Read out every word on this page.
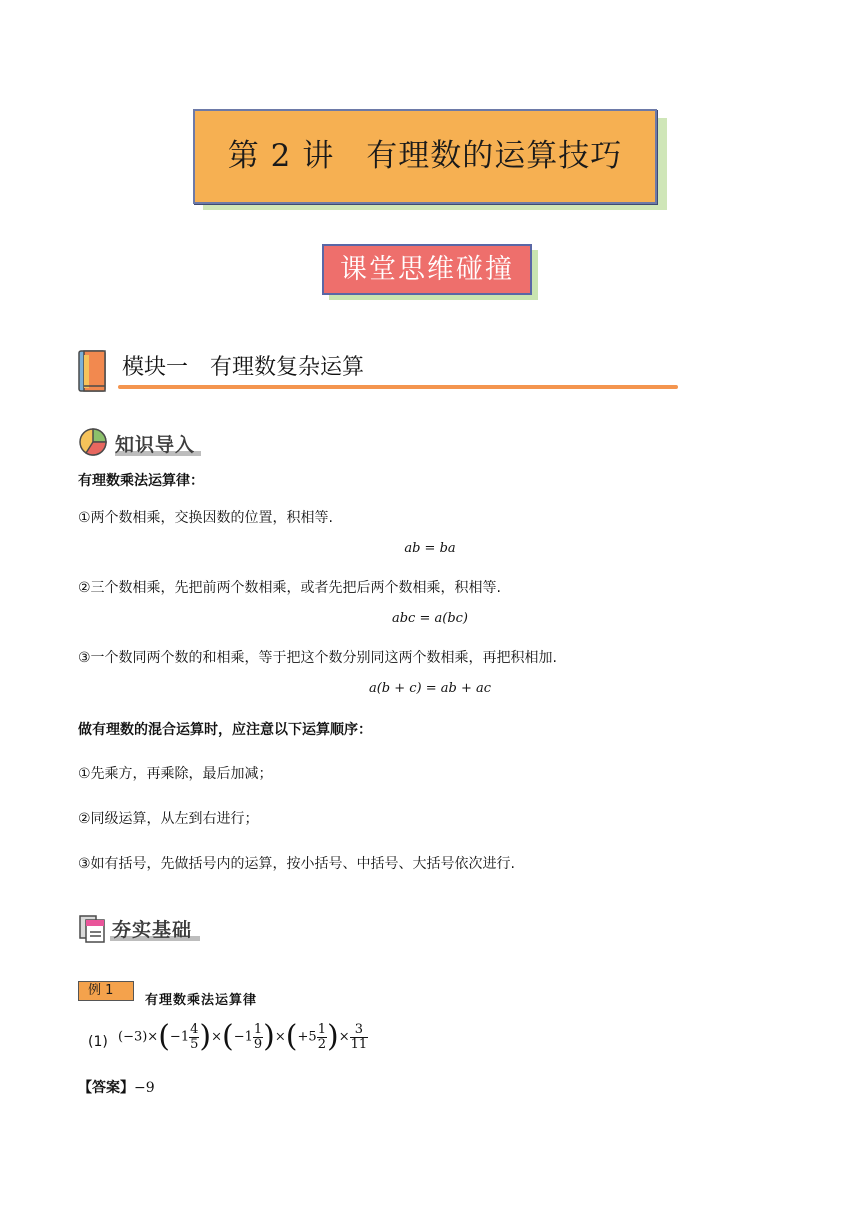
第 2 讲　有理数的运算技巧
课堂思维碰撞
模块一　有理数复杂运算
知识导入
有理数乘法运算律：
①两个数相乘，交换因数的位置，积相等.
ab = ba
②三个数相乘，先把前两个数相乘，或者先把后两个数相乘，积相等.
abc = a(bc)
③一个数同两个数的和相乘，等于把这个数分别同这两个数相乘，再把积相加.
a(b + c) = ab + ac
做有理数的混合运算时，应注意以下运算顺序：
①先乘方，再乘除，最后加减；
②同级运算，从左到右进行；
③如有括号，先做括号内的运算，按小括号、中括号、大括号依次进行.
夯实基础
例 1
有理数乘法运算律
(1) $(-3)\times(-1 \frac{4}{5} )\times(-1 \frac{1}{9} )\times(+5 \frac{1}{2}$ )× $\frac{3}{11}$
【答案】−9
